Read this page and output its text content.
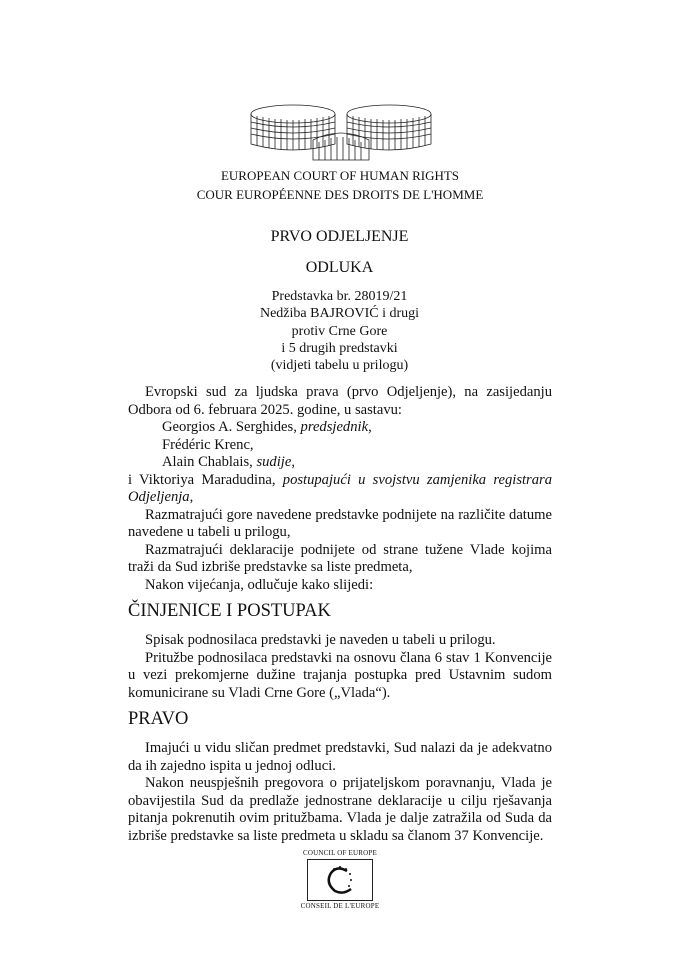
EUROPEAN COURT OF HUMAN RIGHTS
COUR EUROPÉENNE DES DROITS DE L'HOMME
PRVO ODJELJENJE
ODLUKA
Predstavka br. 28019/21
Nedžiba BAJROVIĆ i drugi
protiv Crne Gore
i 5 drugih predstavki
(vidjeti tabelu u prilogu)

Evropski sud za ljudska prava (prvo Odjeljenje), na zasijedanju Odbora od 6. februara 2025. godine, u sastavu:

Georgios A. Serghides, predsjednik,

Frédéric Krenc,

Alain Chablais, sudije,

i Viktoriya Maradudina, postupajući u svojstvu zamjenika registrara Odjeljenja,

Razmatrajući gore navedene predstavke podnijete na različite datume navedene u tabeli u prilogu,

Razmatrajući deklaracije podnijete od strane tužene Vlade kojima traži da Sud izbriše predstavke sa liste predmeta,

Nakon vijećanja, odlučuje kako slijedi:

ČINJENICE I POSTUPAK

Spisak podnosilaca predstavki je naveden u tabeli u prilogu.

Pritužbe podnosilaca predstavki na osnovu člana 6 stav 1 Konvencije u vezi prekomjerne dužine trajanja postupka pred Ustavnim sudom komunicirane su Vladi Crne Gore („Vlada“).

PRAVO

Imajući u vidu sličan predmet predstavki, Sud nalazi da je adekvatno da ih zajedno ispita u jednoj odluci.

Nakon neuspješnih pregovora o prijateljskom poravnanju, Vlada je obavijestila Sud da predlaže jednostrane deklaracije u cilju rješavanja pitanja pokrenutih ovim pritužbama. Vlada je dalje zatražila od Suda da izbriše predstavke sa liste predmeta u skladu sa članom 37 Konvencije.

COUNCIL OF EUROPE
CONSEIL DE L'EUROPE
